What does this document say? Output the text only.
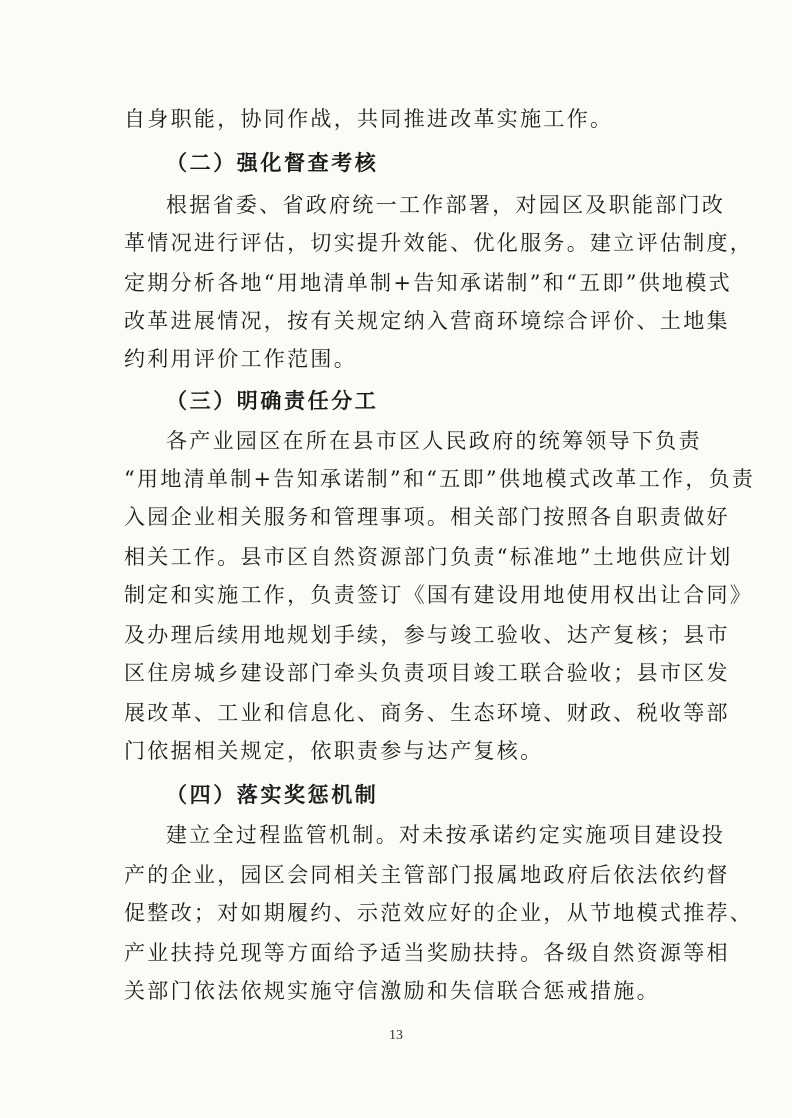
自身职能，协同作战，共同推进改革实施工作。
（二）强化督查考核
根据省委、省政府统一工作部署，对园区及职能部门改
革情况进行评估，切实提升效能、优化服务。建立评估制度，
定期分析各地“用地清单制+告知承诺制”和“五即”供地模式
改革进展情况，按有关规定纳入营商环境综合评价、土地集
约利用评价工作范围。
（三）明确责任分工
各产业园区在所在县市区人民政府的统筹领导下负责
“用地清单制+告知承诺制”和“五即”供地模式改革工作，负责
入园企业相关服务和管理事项。相关部门按照各自职责做好
相关工作。县市区自然资源部门负责“标准地”土地供应计划
制定和实施工作，负责签订《国有建设用地使用权出让合同》
及办理后续用地规划手续，参与竣工验收、达产复核；县市
区住房城乡建设部门牵头负责项目竣工联合验收；县市区发
展改革、工业和信息化、商务、生态环境、财政、税收等部
门依据相关规定，依职责参与达产复核。
（四）落实奖惩机制
建立全过程监管机制。对未按承诺约定实施项目建设投
产的企业，园区会同相关主管部门报属地政府后依法依约督
促整改；对如期履约、示范效应好的企业，从节地模式推荐、
产业扶持兑现等方面给予适当奖励扶持。各级自然资源等相
关部门依法依规实施守信激励和失信联合惩戒措施。
13
